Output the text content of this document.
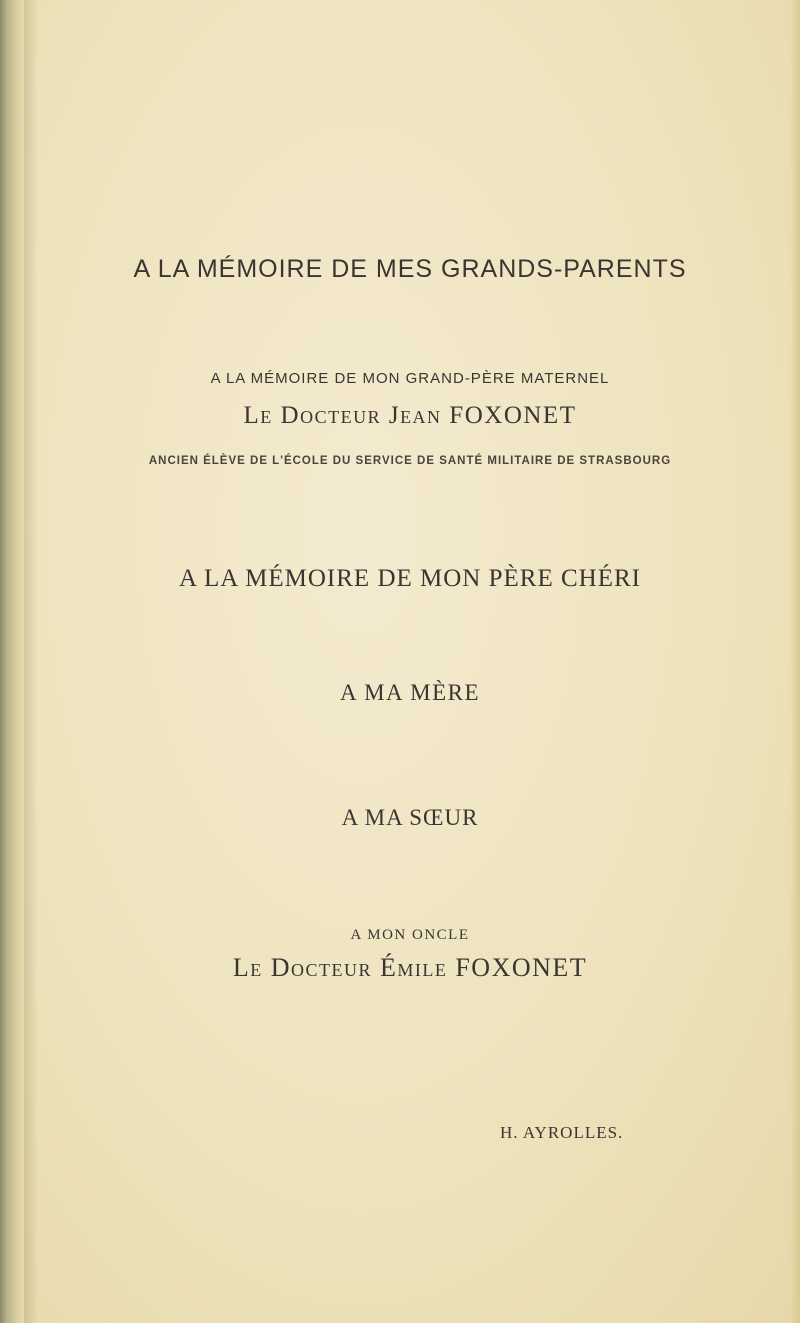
A LA MÉMOIRE DE MES GRANDS-PARENTS

A LA MÉMOIRE DE MON GRAND-PÈRE MATERNEL

Le Docteur Jean FOXONET

ANCIEN ÉLÈVE DE L'ÉCOLE DU SERVICE DE SANTÉ MILITAIRE DE STRASBOURG

A LA MÉMOIRE DE MON PÈRE CHÉRI

A MA MÈRE

A MA SŒUR

A MON ONCLE

Le Docteur Émile FOXONET

H. AYROLLES.
